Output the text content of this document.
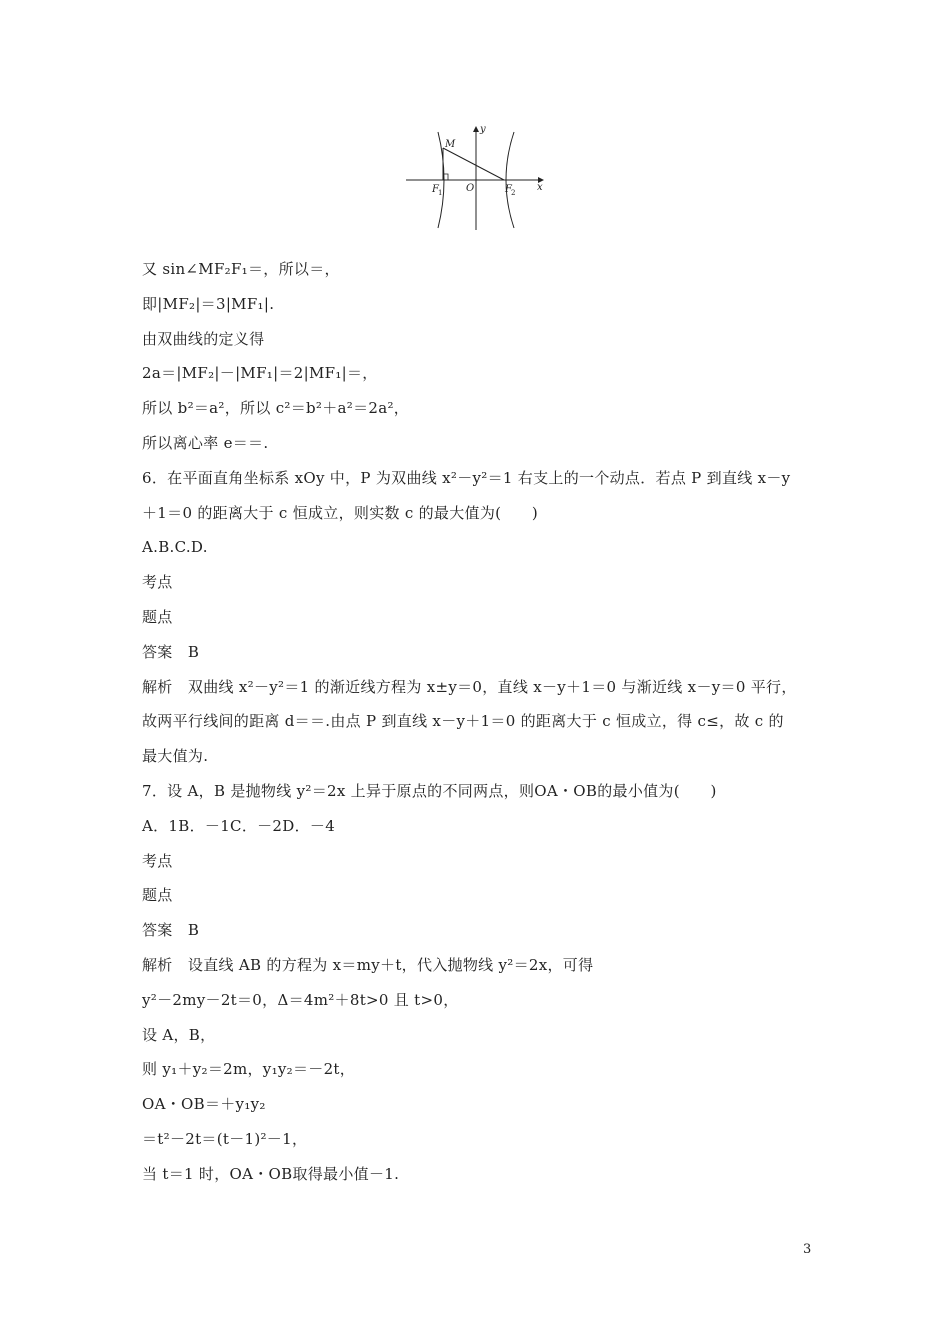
M
y
x
O
F 1	F 2
又 sin∠MF₂F₁＝，所以＝，
即|MF₂|＝3|MF₁|.
由双曲线的定义得
2a＝|MF₂|－|MF₁|＝2|MF₁|＝，
所以 b²＝a²，所以 c²＝b²＋a²＝2a²，
所以离心率 e＝＝.
6．在平面直角坐标系 xOy 中，P 为双曲线 x²－y²＝1 右支上的一个动点．若点 P 到直线 x－y
＋1＝0 的距离大于 c 恒成立，则实数 c 的最大值为(　　)
A.B.C.D.
考点
题点
答案　B
解析　双曲线 x²－y²＝1 的渐近线方程为 x±y＝0，直线 x－y＋1＝0 与渐近线 x－y＝0 平行，
故两平行线间的距离 d＝＝.由点 P 到直线 x－y＋1＝0 的距离大于 c 恒成立，得 c≤，故 c 的
最大值为.
7．设 A，B 是抛物线 y²＝2x 上异于原点的不同两点，则OA・OB的最小值为(　　)
A．1B．－1C．－2D．－4
考点
题点
答案　B
解析　设直线 AB 的方程为 x＝my＋t，代入抛物线 y²＝2x，可得
y²－2my－2t＝0，Δ＝4m²＋8t>0 且 t>0，
设 A，B，
则 y₁＋y₂＝2m，y₁y₂＝－2t，
OA・OB＝＋y₁y₂
＝t²－2t＝(t－1)²－1，
当 t＝1 时，OA・OB取得最小值－1.
3
